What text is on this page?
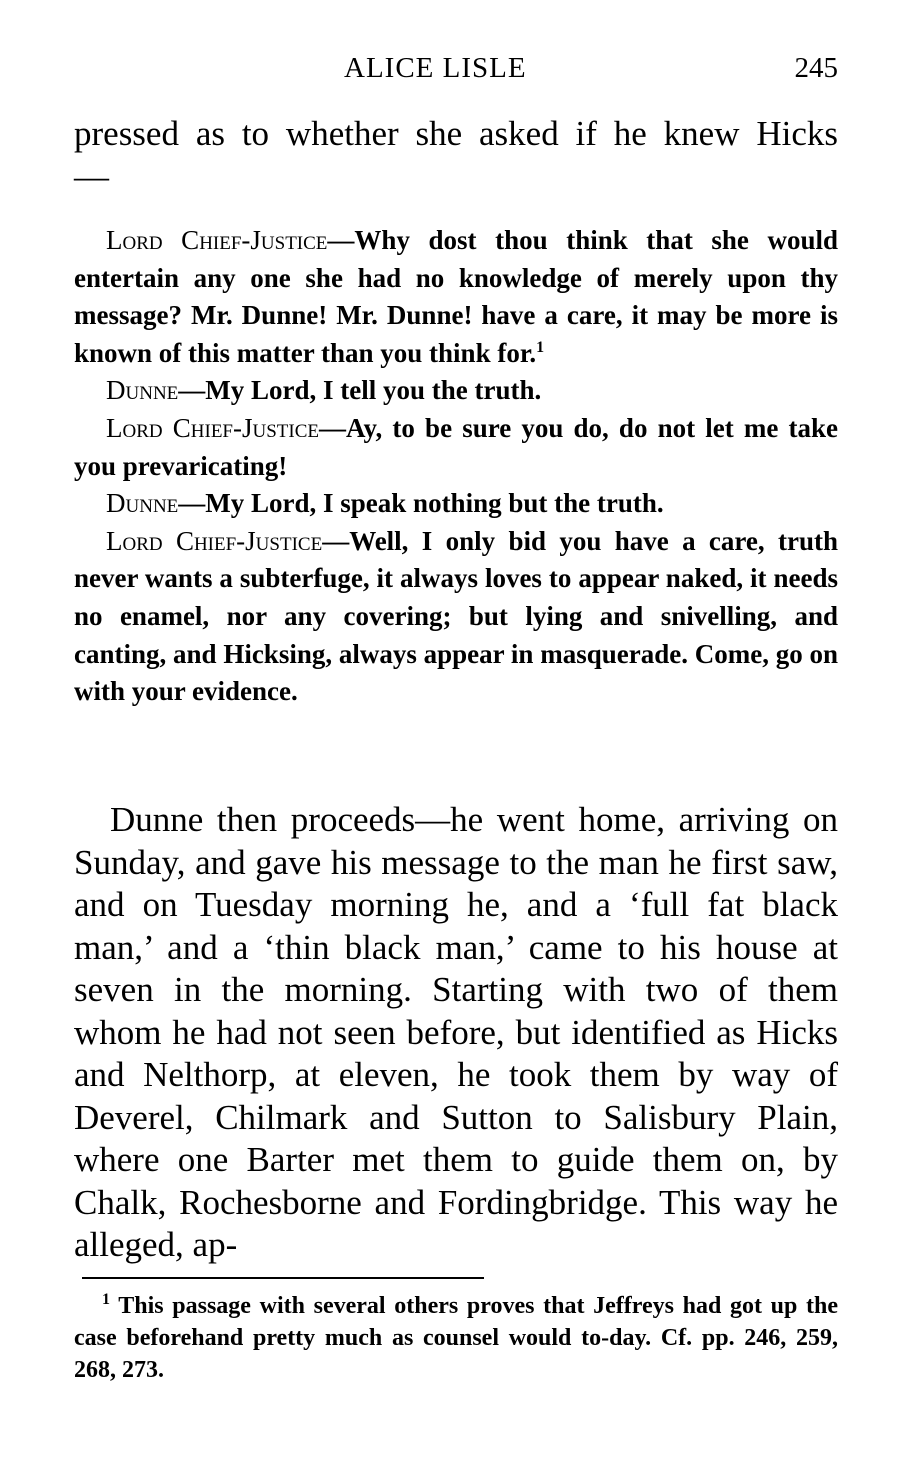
ALICE LISLE	245

pressed as to whether she asked if he knew Hicks—

Lord Chief-Justice—Why dost thou think that she would entertain any one she had no knowledge of merely upon thy message? Mr. Dunne! Mr. Dunne! have a care, it may be more is known of this matter than you think for.$^1$

Dunne—My Lord, I tell you the truth.

Lord Chief-Justice—Ay, to be sure you do, do not let me take you prevaricating!

Dunne—My Lord, I speak nothing but the truth.

Lord Chief-Justice—Well, I only bid you have a care, truth never wants a subterfuge, it always loves to appear naked, it needs no enamel, nor any covering; but lying and snivelling, and canting, and Hicksing, always appear in masquerade. Come, go on with your evidence.

Dunne then proceeds—he went home, arriving on Sunday, and gave his message to the man he first saw, and on Tuesday morning he, and a ‘full fat black man,’ and a ‘thin black man,’ came to his house at seven in the morning. Starting with two of them whom he had not seen before, but identified as Hicks and Nelthorp, at eleven, he took them by way of Deverel, Chilmark and Sutton to Salisbury Plain, where one Barter met them to guide them on, by Chalk, Rochesborne and Fordingbridge. This way he alleged, ap-

$^1$ This passage with several others proves that Jeffreys had got up the case beforehand pretty much as counsel would to-day. Cf. pp. 246, 259, 268, 273.
